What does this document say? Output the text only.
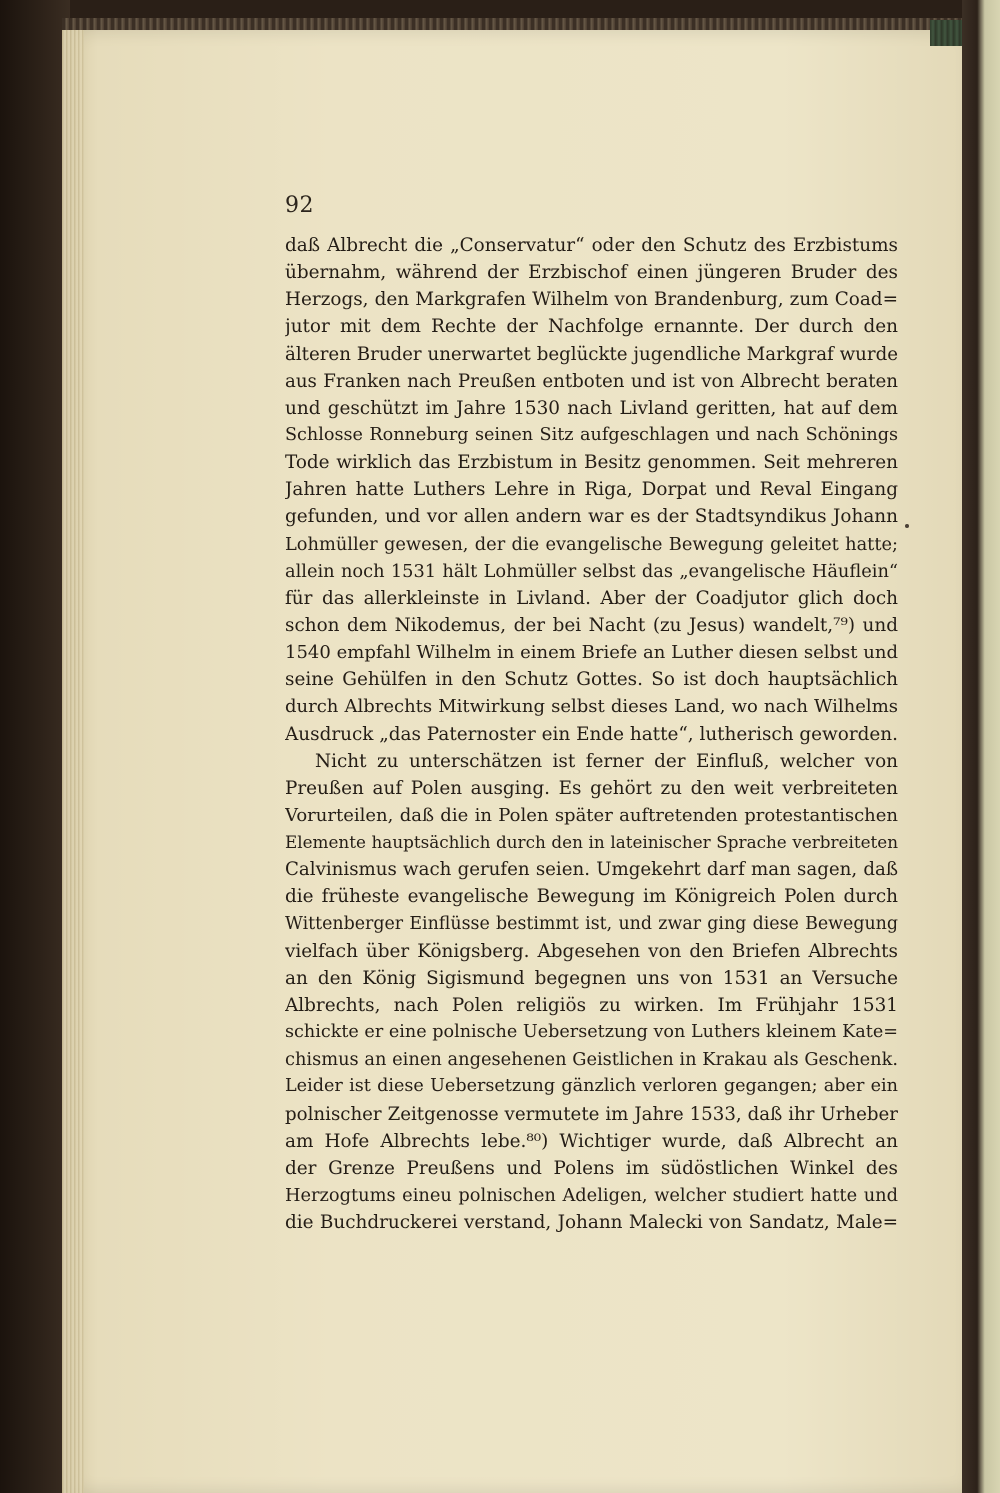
92
daß Albrecht die „Conservatur“ oder den Schutz des Erzbistums
übernahm, während der Erzbischof einen jüngeren Bruder des
Herzogs, den Markgrafen Wilhelm von Brandenburg, zum Coad=
jutor mit dem Rechte der Nachfolge ernannte. Der durch den
älteren Bruder unerwartet beglückte jugendliche Markgraf wurde
aus Franken nach Preußen entboten und ist von Albrecht beraten
und geschützt im Jahre 1530 nach Livland geritten, hat auf dem
Schlosse Ronneburg seinen Sitz aufgeschlagen und nach Schönings
Tode wirklich das Erzbistum in Besitz genommen. Seit mehreren
Jahren hatte Luthers Lehre in Riga, Dorpat und Reval Eingang
gefunden, und vor allen andern war es der Stadtsyndikus Johann
Lohmüller gewesen, der die evangelische Bewegung geleitet hatte;
allein noch 1531 hält Lohmüller selbst das „evangelische Häuflein“
für das allerkleinste in Livland. Aber der Coadjutor glich doch
schon dem Nikodemus, der bei Nacht (zu Jesus) wandelt,⁷⁹) und
1540 empfahl Wilhelm in einem Briefe an Luther diesen selbst und
seine Gehülfen in den Schutz Gottes. So ist doch hauptsächlich
durch Albrechts Mitwirkung selbst dieses Land, wo nach Wilhelms
Ausdruck „das Paternoster ein Ende hatte“, lutherisch geworden.
Nicht zu unterschätzen ist ferner der Einfluß, welcher von
Preußen auf Polen ausging. Es gehört zu den weit verbreiteten
Vorurteilen, daß die in Polen später auftretenden protestantischen
Elemente hauptsächlich durch den in lateinischer Sprache verbreiteten
Calvinismus wach gerufen seien. Umgekehrt darf man sagen, daß
die früheste evangelische Bewegung im Königreich Polen durch
Wittenberger Einflüsse bestimmt ist, und zwar ging diese Bewegung
vielfach über Königsberg. Abgesehen von den Briefen Albrechts
an den König Sigismund begegnen uns von 1531 an Versuche
Albrechts, nach Polen religiös zu wirken. Im Frühjahr 1531
schickte er eine polnische Uebersetzung von Luthers kleinem Kate=
chismus an einen angesehenen Geistlichen in Krakau als Geschenk.
Leider ist diese Uebersetzung gänzlich verloren gegangen; aber ein
polnischer Zeitgenosse vermutete im Jahre 1533, daß ihr Urheber
am Hofe Albrechts lebe.⁸⁰) Wichtiger wurde, daß Albrecht an
der Grenze Preußens und Polens im südöstlichen Winkel des
Herzogtums eineu polnischen Adeligen, welcher studiert hatte und
die Buchdruckerei verstand, Johann Malecki von Sandatz, Male=
